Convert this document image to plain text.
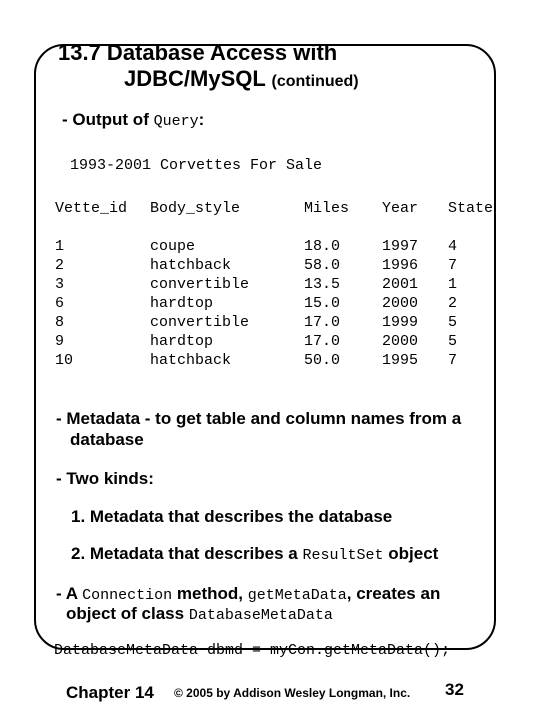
13.7 Database Access with
JDBC/MySQL (continued)
- Output of Query:
1993-2001 Corvettes For Sale
Vette_id
1
2
3
6
8
9
10
Body_style
coupe
hatchback
convertible
hardtop
convertible
hardtop
hatchback
Miles
18.0
58.0
13.5
15.0
17.0
17.0
50.0
Year
1997
1996
2001
2000
1999
2000
1995
State
4
7
1
2
5
5
7
- Metadata - to get table and column names from a
database
- Two kinds:
1. Metadata that describes the database
2. Metadata that describes a ResultSet object
- A Connection method, getMetaData, creates an
object of class DatabaseMetaData
DatabaseMetaData dbmd = myCon.getMetaData();
Chapter 14 © 2005 by Addison Wesley Longman, Inc. 32
